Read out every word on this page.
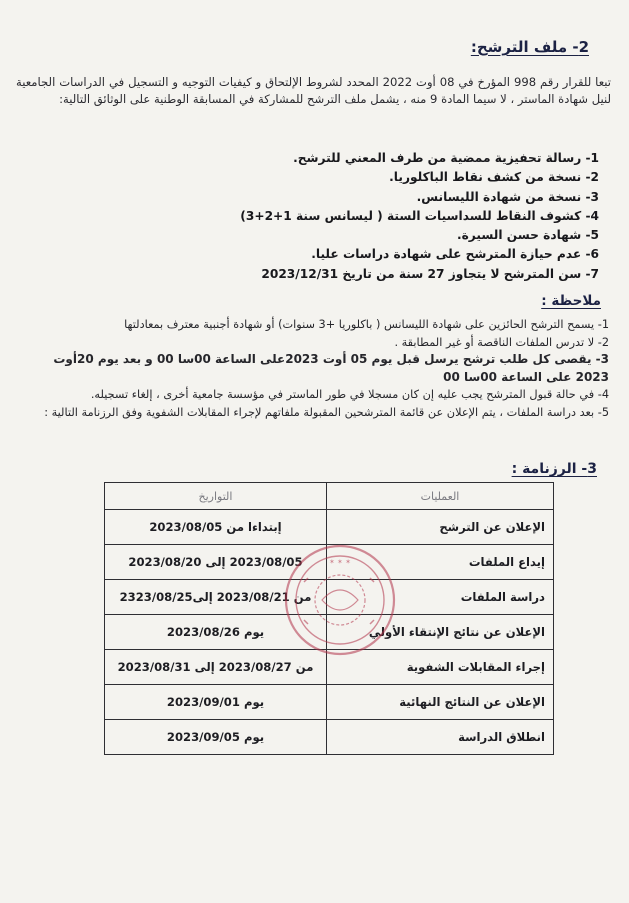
2- ملف الترشح:
تبعا للقرار رقم 998 المؤرخ في 08 أوت 2022 المحدد لشروط الإلتحاق و كيفيات التوجيه و التسجيل في الدراسات الجامعية لنيل شهادة الماستر ، لا سيما المادة 9 منه ، يشمل ملف الترشح للمشاركة في المسابقة الوطنية على الوثائق التالية:
1- رسالة تحفيزية ممضية من طرف المعني للترشح.
2- نسخة من كشف نقاط الباكلوريا.
3- نسخة من شهادة الليسانس.
4- كشوف النقاط للسداسيات الستة ( ليسانس سنة 1+2+3)
5- شهادة حسن السيرة.
6- عدم حيازة المترشح على شهادة دراسات عليا.
7- سن المترشح لا يتجاوز 27 سنة من تاريخ 2023/12/31
ملاحظة :
1- يسمح الترشح الحائزين على شهادة الليسانس ( باكلوريا +3 سنوات) أو شهادة أجنبية معترف بمعادلتها
2- لا تدرس الملفات الناقصة أو غير المطابقة .
3- يقصى كل طلب ترشح يرسل قبل يوم 05 أوت 2023على الساعة 00سا 00 و بعد يوم 20أوت 2023 على الساعة 00سا 00
4- في حالة قبول المترشح يجب عليه إن كان مسجلا في طور الماستر في مؤسسة جامعية أخرى ، إلغاء تسجيله.
5- بعد دراسة الملفات ، يتم الإعلان عن قائمة المترشحين المقبولة ملفاتهم لإجراء المقابلات الشفوية وفق الرزنامة التالية :
3- الرزنامة :
العمليات	التواريخ
الإعلان عن الترشح	إبتداءا من 2023/08/05
إيداع الملفات	2023/08/05 إلى 2023/08/20
دراسة الملفات	من 2023/08/21 إلى2323/08/25
الإعلان عن نتائج الإنتقاء الأولي	يوم 2023/08/26
إجراء المقابلات الشفوية	من 2023/08/27 إلى 2023/08/31
الإعلان عن النتائج النهائية	يوم 2023/09/01
انطلاق الدراسة	يوم 2023/09/05
✶ ✶ ✶
